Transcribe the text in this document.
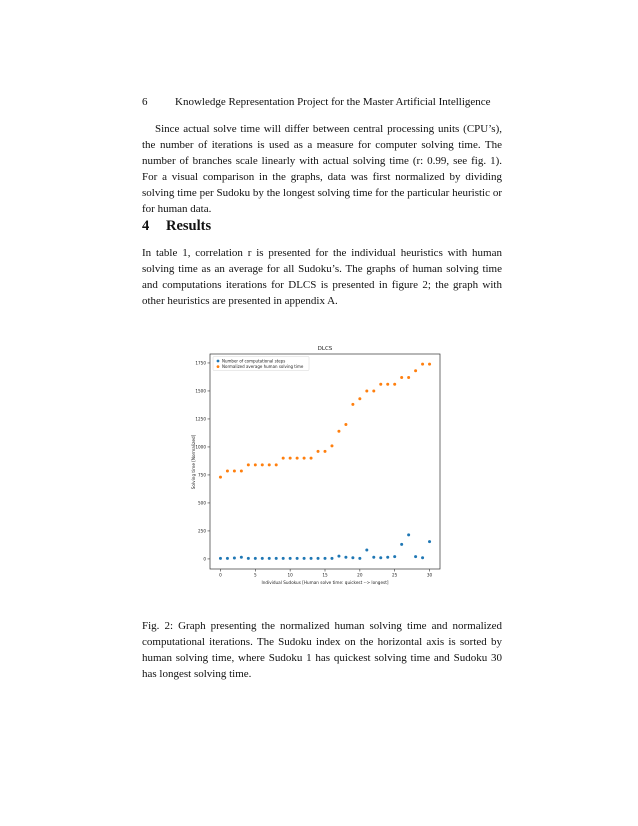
6	Knowledge Representation Project for the Master Artificial Intelligence

Since actual solve time will differ between central processing units (CPU’s), the number of iterations is used as a measure for computer solving time. The number of branches scale linearly with actual solving time (r: 0.99, see fig. 1). For a visual comparison in the graphs, data was first normalized by dividing solving time per Sudoku by the longest solving time for the particular heuristic or for human data.

4	Results

In table 1, correlation r is presented for the individual heuristics with human solving time as an average for all Sudoku’s. The graphs of human solving time and computations iterations for DLCS is presented in figure 2; the graph with other heuristics are presented in appendix A.

DLCS
0
250
500
750
1000
1250
1500
1750
0	5	10	15	20	25	30
Solving time [Normalized]
Individual Sudokus [Human solve time: quickest --> longest]
Number of computational steps
Normalized average human solving time

Fig. 2: Graph presenting the normalized human solving time and normalized computational iterations. The Sudoku index on the horizontal axis is sorted by human solving time, where Sudoku 1 has quickest solving time and Sudoku 30 has longest solving time.
